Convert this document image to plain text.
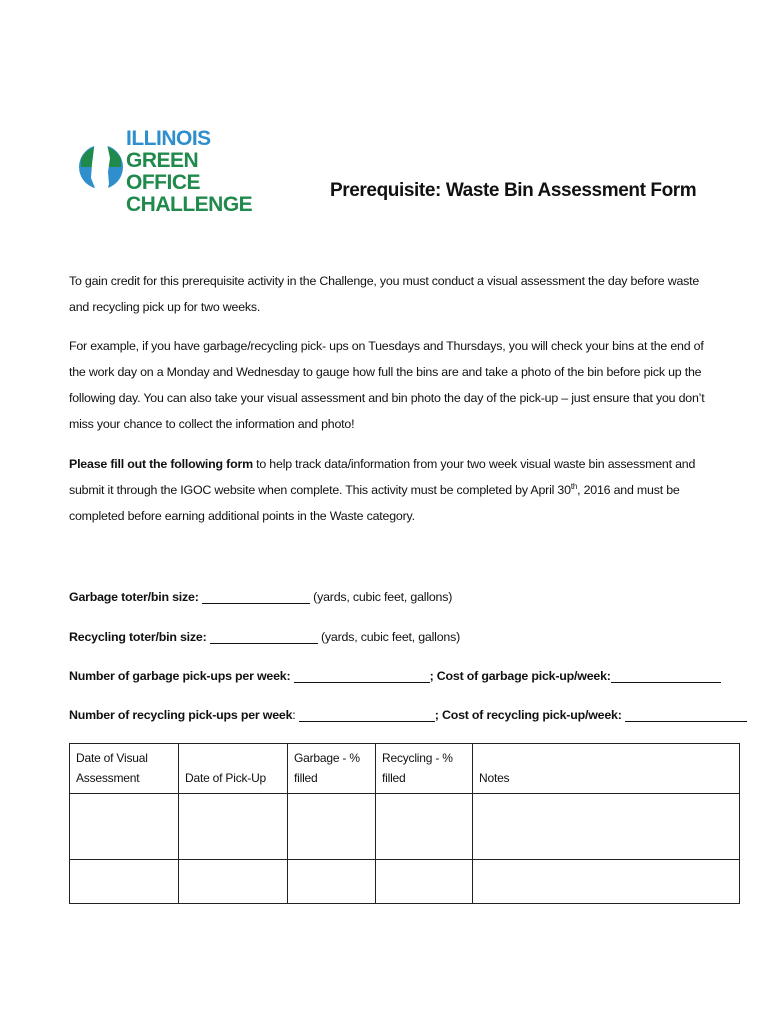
ILLINOIS
GREEN OFFICE
CHALLENGE
Prerequisite: Waste Bin Assessment Form
To gain credit for this prerequisite activity in the Challenge, you must conduct a visual assessment the day before waste and recycling pick up for two weeks.
For example, if you have garbage/recycling pick- ups on Tuesdays and Thursdays, you will check your bins at the end of the work day on a Monday and Wednesday to gauge how full the bins are and take a photo of the bin before pick up the following day. You can also take your visual assessment and bin photo the day of the pick-up – just ensure that you don’t miss your chance to collect the information and photo!
Please fill out the following form to help track data/information from your two week visual waste bin assessment and submit it through the IGOC website when complete. This activity must be completed by April 30th, 2016 and must be completed before earning additional points in the Waste category.
Garbage toter/bin size:	(yards, cubic feet, gallons)
Recycling toter/bin size:	(yards, cubic feet, gallons)
Number of garbage pick-ups per week:	; Cost of garbage pick-up/week:
Number of recycling pick-ups per week:	; Cost of recycling pick-up/week:
Date of Visual Assessment	Date of Pick-Up	Garbage - % filled	Recycling - % filled	Notes
